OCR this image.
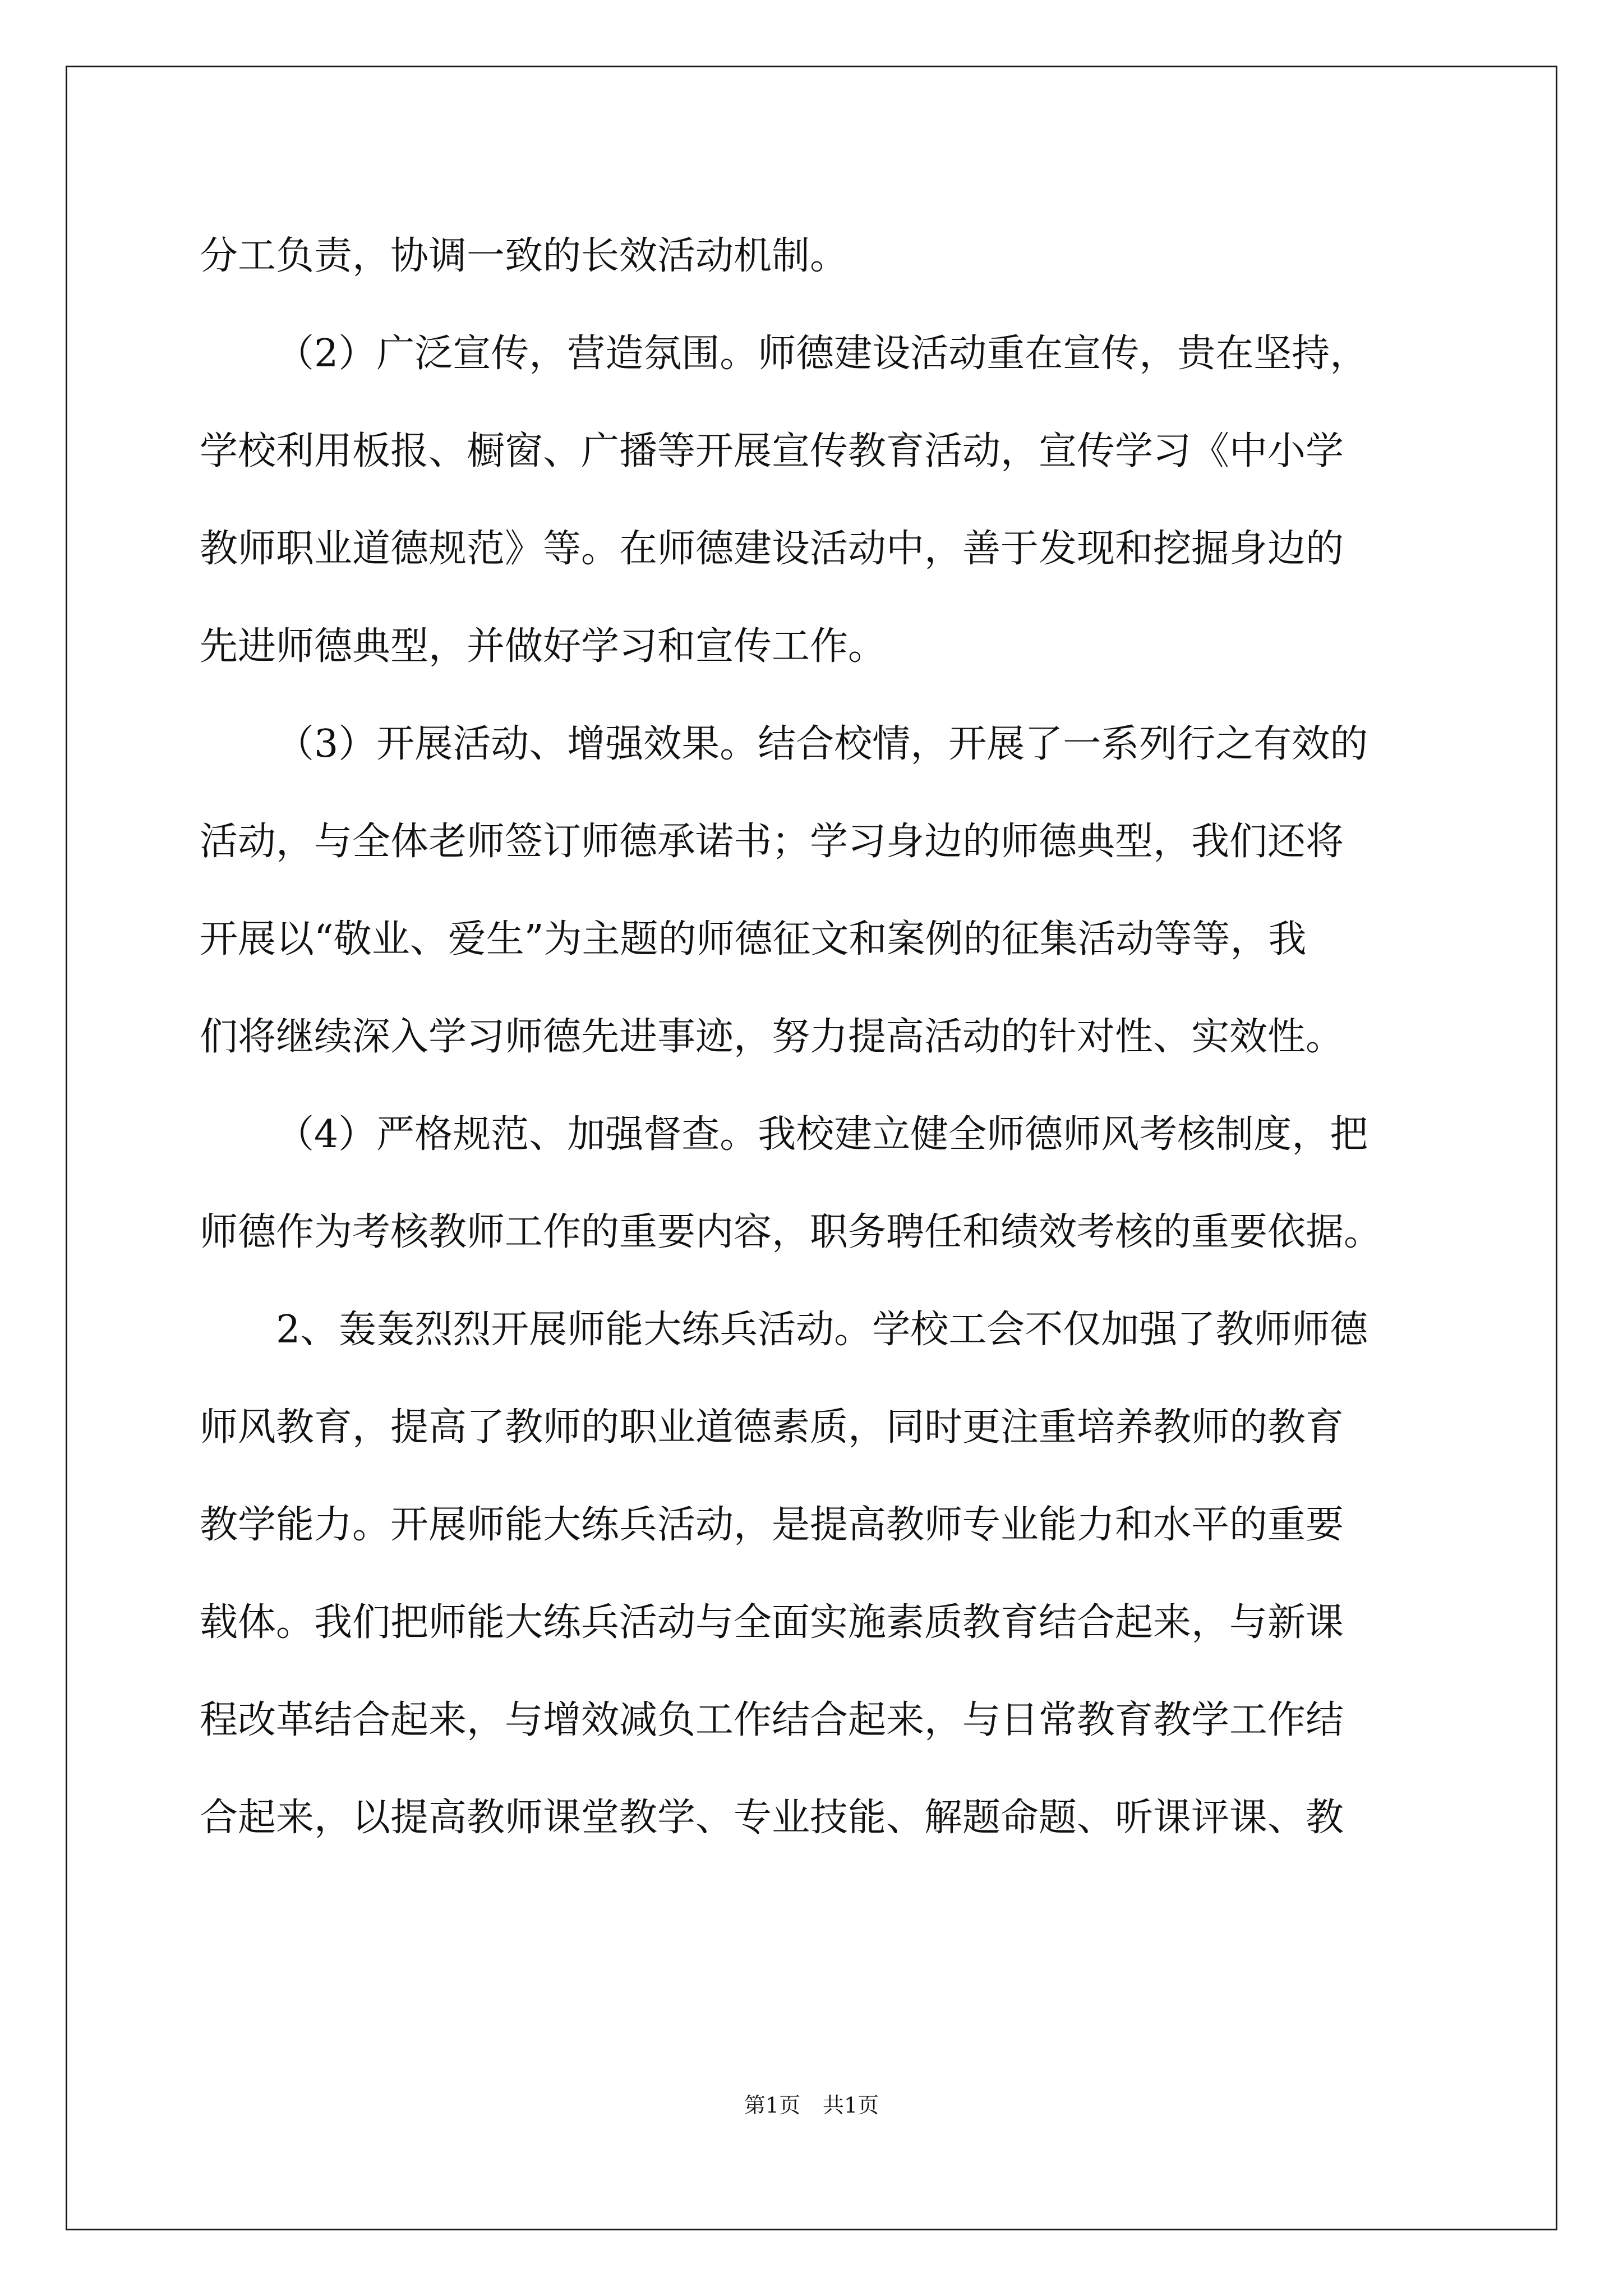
分工负责，协调一致的长效活动机制。

（2）广泛宣传，营造氛围。师德建设活动重在宣传，贵在坚持，

学校利用板报、橱窗、广播等开展宣传教育活动，宣传学习《中小学

教师职业道德规范》等。在师德建设活动中，善于发现和挖掘身边的

先进师德典型，并做好学习和宣传工作。

（3）开展活动、增强效果。结合校情，开展了一系列行之有效的

活动，与全体老师签订师德承诺书；学习身边的师德典型，我们还将

开展以“敬业、爱生”为主题的师德征文和案例的征集活动等等，我

们将继续深入学习师德先进事迹，努力提高活动的针对性、实效性。

（4）严格规范、加强督查。我校建立健全师德师风考核制度，把

师德作为考核教师工作的重要内容，职务聘任和绩效考核的重要依据。

2、轰轰烈烈开展师能大练兵活动。学校工会不仅加强了教师师德

师风教育，提高了教师的职业道德素质，同时更注重培养教师的教育

教学能力。开展师能大练兵活动，是提高教师专业能力和水平的重要

载体。我们把师能大练兵活动与全面实施素质教育结合起来，与新课

程改革结合起来，与增效减负工作结合起来，与日常教育教学工作结

合起来，以提高教师课堂教学、专业技能、解题命题、听课评课、教

第1页 共1页
